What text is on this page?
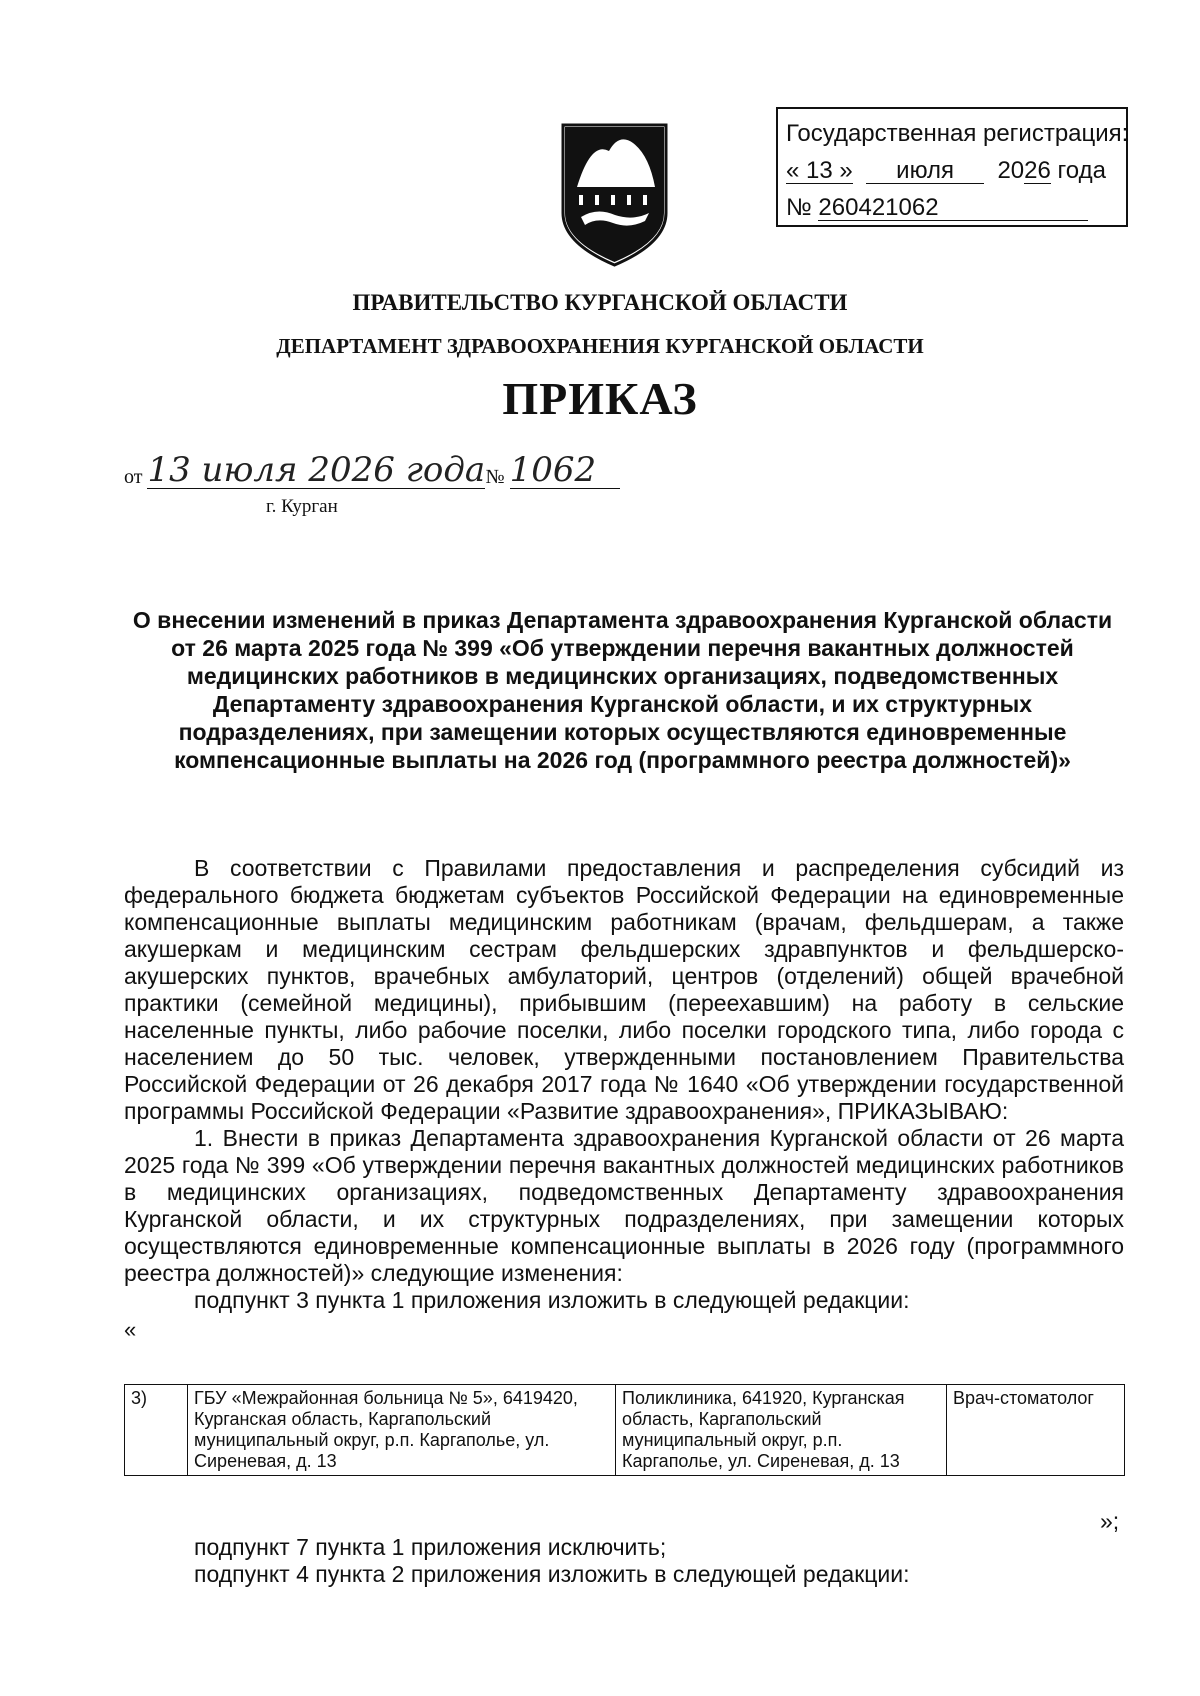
Государственная регистрация:
« 13 » июля 2026 года
№ 260421062
ПРАВИТЕЛЬСТВО КУРГАНСКОЙ ОБЛАСТИ
ДЕПАРТАМЕНТ ЗДРАВООХРАНЕНИЯ КУРГАНСКОЙ ОБЛАСТИ
ПРИКАЗ
от 13 июля 2026 года№ 1062
г. Курган
О внесении изменений в приказ Департамента здравоохранения Курганской области от 26 марта 2025 года № 399 «Об утверждении перечня вакантных должностей медицинских работников в медицинских организациях, подведомственных Департаменту здравоохранения Курганской области, и их структурных подразделениях, при замещении которых осуществляются единовременные компенсационные выплаты на 2026 год (программного реестра должностей)»

В соответствии с Правилами предоставления и распределения субсидий из федерального бюджета бюджетам субъектов Российской Федерации на единовременные компенсационные выплаты медицинским работникам (врачам, фельдшерам, а также акушеркам и медицинским сестрам фельдшерских здравпунктов и фельдшерско-акушерских пунктов, врачебных амбулаторий, центров (отделений) общей врачебной практики (семейной медицины), прибывшим (переехавшим) на работу в сельские населенные пункты, либо рабочие поселки, либо поселки городского типа, либо города с населением до 50 тыс. человек, утвержденными постановлением Правительства Российской Федерации от 26 декабря 2017 года № 1640 «Об утверждении государственной программы Российской Федерации «Развитие здравоохранения», ПРИКАЗЫВАЮ:

1. Внести в приказ Департамента здравоохранения Курганской области от 26 марта 2025 года № 399 «Об утверждении перечня вакантных должностей медицинских работников в медицинских организациях, подведомственных Департаменту здравоохранения Курганской области, и их структурных подразделениях, при замещении которых осуществляются единовременные компенсационные выплаты в 2026 году (программного реестра должностей)» следующие изменения:

подпункт 3 пункта 1 приложения изложить в следующей редакции:

«

3)	ГБУ «Межрайонная больница № 5», 6419420, Курганская область, Каргапольский муниципальный округ, р.п. Каргаполье, ул. Сиреневая, д. 13	Поликлиника, 641920, Курганская область, Каргапольский муниципальный округ, р.п. Каргаполье, ул. Сиреневая, д. 13	Врач-стоматолог
»;
подпункт 7 пункта 1 приложения исключить;
подпункт 4 пункта 2 приложения изложить в следующей редакции:
